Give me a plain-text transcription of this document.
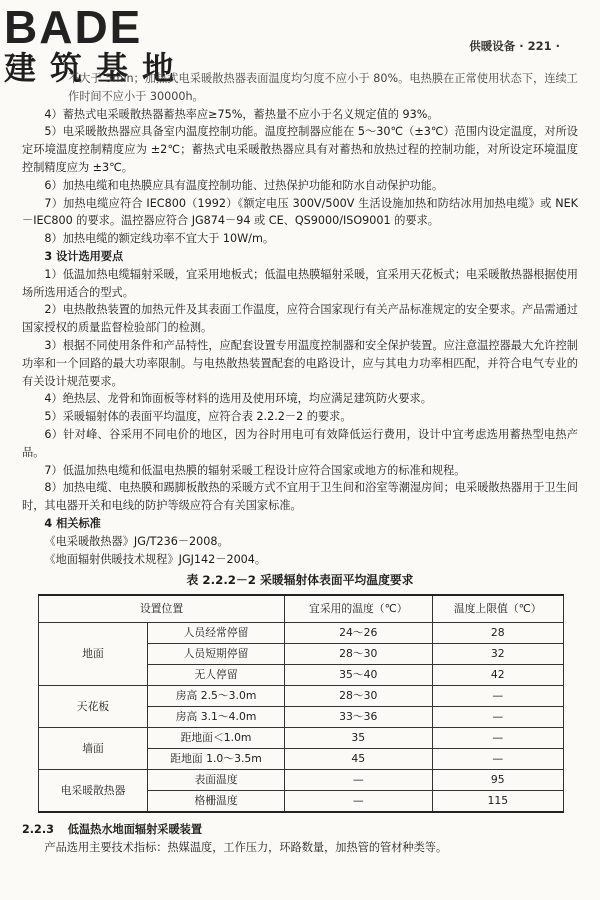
BADE
建筑基地
供暖设备 · 221 ·

不大于 5min；加热式电采暖散热器表面温度均匀度不应小于 80%。电热膜在正常使用状态下，连续工作时间不应小于 30000h。

4）蓄热式电采暖散热器蓄热率应≥75%，蓄热量不应小于名义规定值的 93%。

5）电采暖散热器应具备室内温度控制功能。温度控制器应能在 5～30℃（±3℃）范围内设定温度，对所设定环境温度控制精度应为 ±2℃；蓄热式电采暖散热器应具有对蓄热和放热过程的控制功能，对所设定环境温度控制精度应为 ±3℃。

6）加热电缆和电热膜应具有温度控制功能、过热保护功能和防水自动保护功能。

7）加热电缆应符合 IEC800（1992）《额定电压 300V/500V 生活设施加热和防结冰用加热电缆》或 NEK－IEC800 的要求。温控器应符合 JG874－94 或 CE、QS9000/ISO9001 的要求。

8）加热电缆的额定线功率不宜大于 10W/m。

3 设计选用要点

1）低温加热电缆辐射采暖，宜采用地板式；低温电热膜辐射采暖，宜采用天花板式；电采暖散热器根据使用场所选用适合的型式。

2）电热散热装置的加热元件及其表面工作温度，应符合国家现行有关产品标准规定的安全要求。产品需通过国家授权的质量监督检验部门的检测。

3）根据不同使用条件和产品特性，应配套设置专用温度控制器和安全保护装置。应注意温控器最大允许控制功率和一个回路的最大功率限制。与电热散热装置配套的电路设计，应与其电力功率相匹配，并符合电气专业的有关设计规范要求。

4）绝热层、龙骨和饰面板等材料的选用及使用环境，均应满足建筑防火要求。

5）采暖辐射体的表面平均温度，应符合表 2.2.2－2 的要求。

6）针对峰、谷采用不同电价的地区，因为谷时用电可有效降低运行费用，设计中宜考虑选用蓄热型电热产品。

7）低温加热电缆和低温电热膜的辐射采暖工程设计应符合国家或地方的标准和规程。

8）加热电缆、电热膜和踢脚板散热的采暖方式不宜用于卫生间和浴室等潮湿房间；电采暖散热器用于卫生间时，其电器开关和电线的防护等级应符合有关国家标准。

4 相关标准

《电采暖散热器》JG/T236－2008。

《地面辐射供暖技术规程》JGJ142－2004。

表 2.2.2－2 采暖辐射体表面平均温度要求
设置位置		宜采用的温度（℃）	温度上限值（℃）
地面	人员经常停留	24～26	28
	人员短期停留	28～30	32
	无人停留	35～40	42
天花板	房高 2.5～3.0m	28～30	—
	房高 3.1～4.0m	33～36	—
墙面	距地面＜1.0m	35	—
	距地面 1.0～3.5m	45	—
电采暖散热器	表面温度	—	95
	格栅温度	—	115

2.2.3 低温热水地面辐射采暖装置

产品选用主要技术指标：热媒温度，工作压力，环路数量，加热管的管材种类等。
